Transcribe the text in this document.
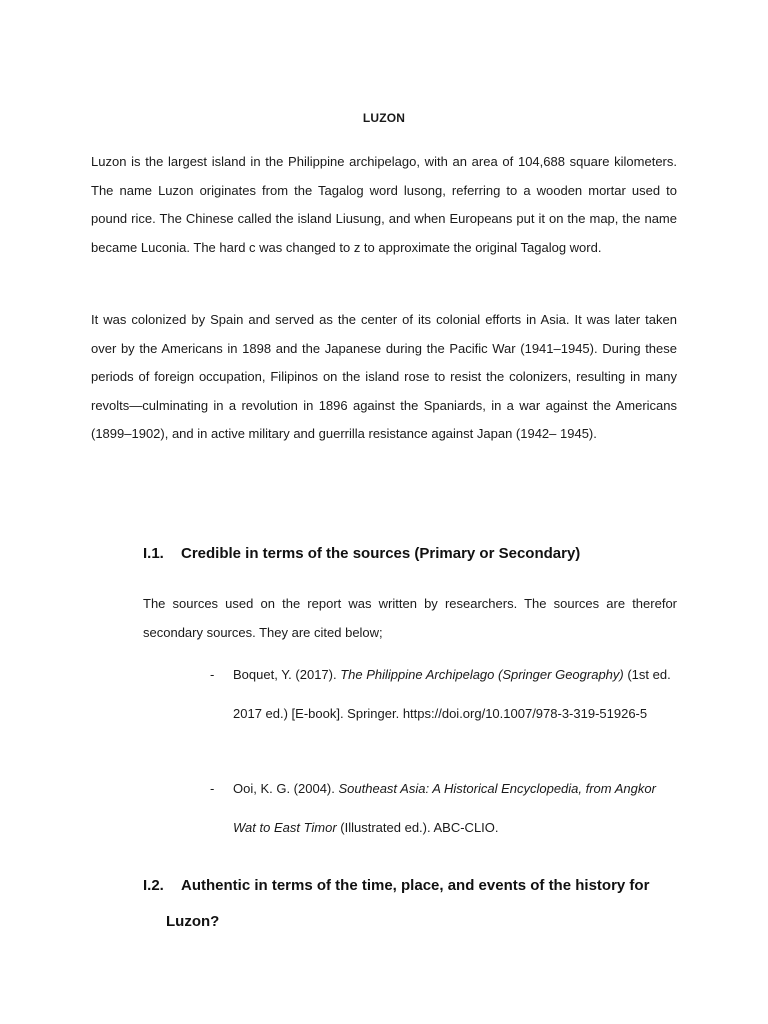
LUZON
Luzon is the largest island in the Philippine archipelago, with an area of 104,688 square kilometers. The name Luzon originates from the Tagalog word lusong, referring to a wooden mortar used to pound rice. The Chinese called the island Liusung, and when Europeans put it on the map, the name became Luconia. The hard c was changed to z to approximate the original Tagalog word.
It was colonized by Spain and served as the center of its colonial efforts in Asia. It was later taken over by the Americans in 1898 and the Japanese during the Pacific War (1941–1945). During these periods of foreign occupation, Filipinos on the island rose to resist the colonizers, resulting in many revolts—culminating in a revolution in 1896 against the Spaniards, in a war against the Americans (1899–1902), and in active military and guerrilla resistance against Japan (1942– 1945).
I.1. Credible in terms of the sources (Primary or Secondary)
The sources used on the report was written by researchers. The sources are therefor secondary sources. They are cited below;
- Boquet, Y. (2017). The Philippine Archipelago (Springer Geography) (1st ed. 2017 ed.) [E-book]. Springer. https://doi.org/10.1007/978-3-319-51926-5
- Ooi, K. G. (2004). Southeast Asia: A Historical Encyclopedia, from Angkor Wat to East Timor (Illustrated ed.). ABC-CLIO.
I.2. Authentic in terms of the time, place, and events of the history for
Luzon?
